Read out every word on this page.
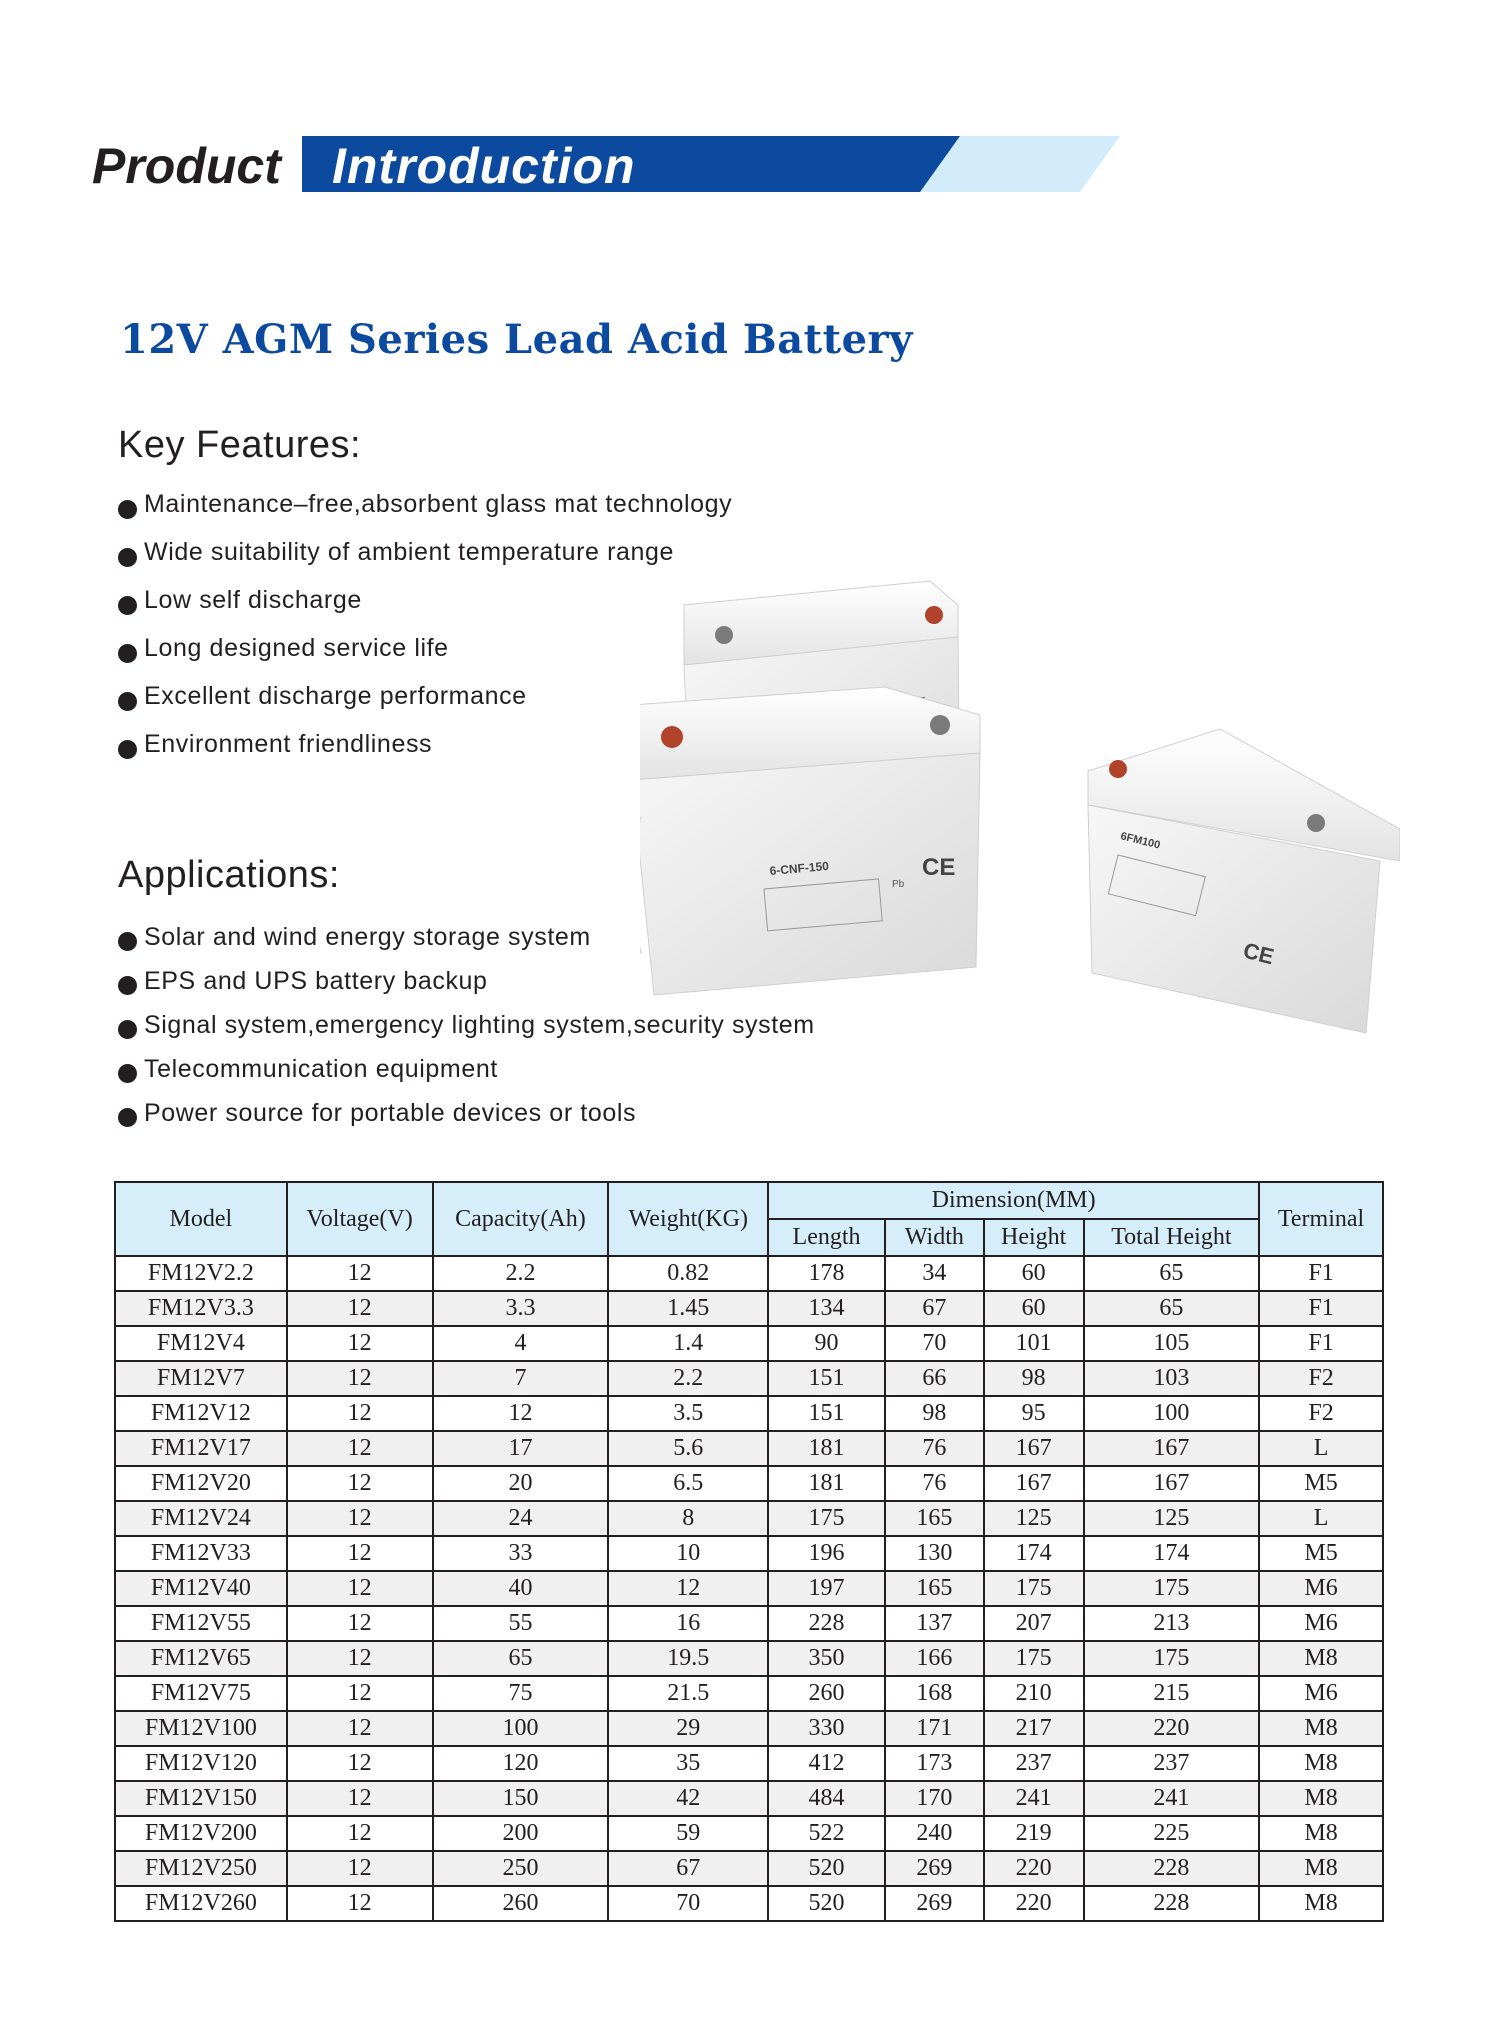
Product Introduction
12V AGM Series Lead Acid Battery
Key Features:
Maintenance–free,absorbent glass mat technology
Wide suitability of ambient temperature range
Low self discharge
Long designed service life
Excellent discharge performance
Environment friendliness
Applications:
Solar and wind energy storage system
EPS and UPS battery backup
Signal system,emergency lighting system,security system
Telecommunication equipment
Power source for portable devices or tools
6-CNF-150	CE
Pb
6FM100
CE
Model	Voltage(V)	Capacity(Ah)	Weight(KG)	Dimension(MM)				Terminal
				Length	Width	Height	Total Height	
FM12V2.2	12	2.2	0.82	178	34	60	65	F1
FM12V3.3	12	3.3	1.45	134	67	60	65	F1
FM12V4	12	4	1.4	90	70	101	105	F1
FM12V7	12	7	2.2	151	66	98	103	F2
FM12V12	12	12	3.5	151	98	95	100	F2
FM12V17	12	17	5.6	181	76	167	167	L
FM12V20	12	20	6.5	181	76	167	167	M5
FM12V24	12	24	8	175	165	125	125	L
FM12V33	12	33	10	196	130	174	174	M5
FM12V40	12	40	12	197	165	175	175	M6
FM12V55	12	55	16	228	137	207	213	M6
FM12V65	12	65	19.5	350	166	175	175	M8
FM12V75	12	75	21.5	260	168	210	215	M6
FM12V100	12	100	29	330	171	217	220	M8
FM12V120	12	120	35	412	173	237	237	M8
FM12V150	12	150	42	484	170	241	241	M8
FM12V200	12	200	59	522	240	219	225	M8
FM12V250	12	250	67	520	269	220	228	M8
FM12V260	12	260	70	520	269	220	228	M8
